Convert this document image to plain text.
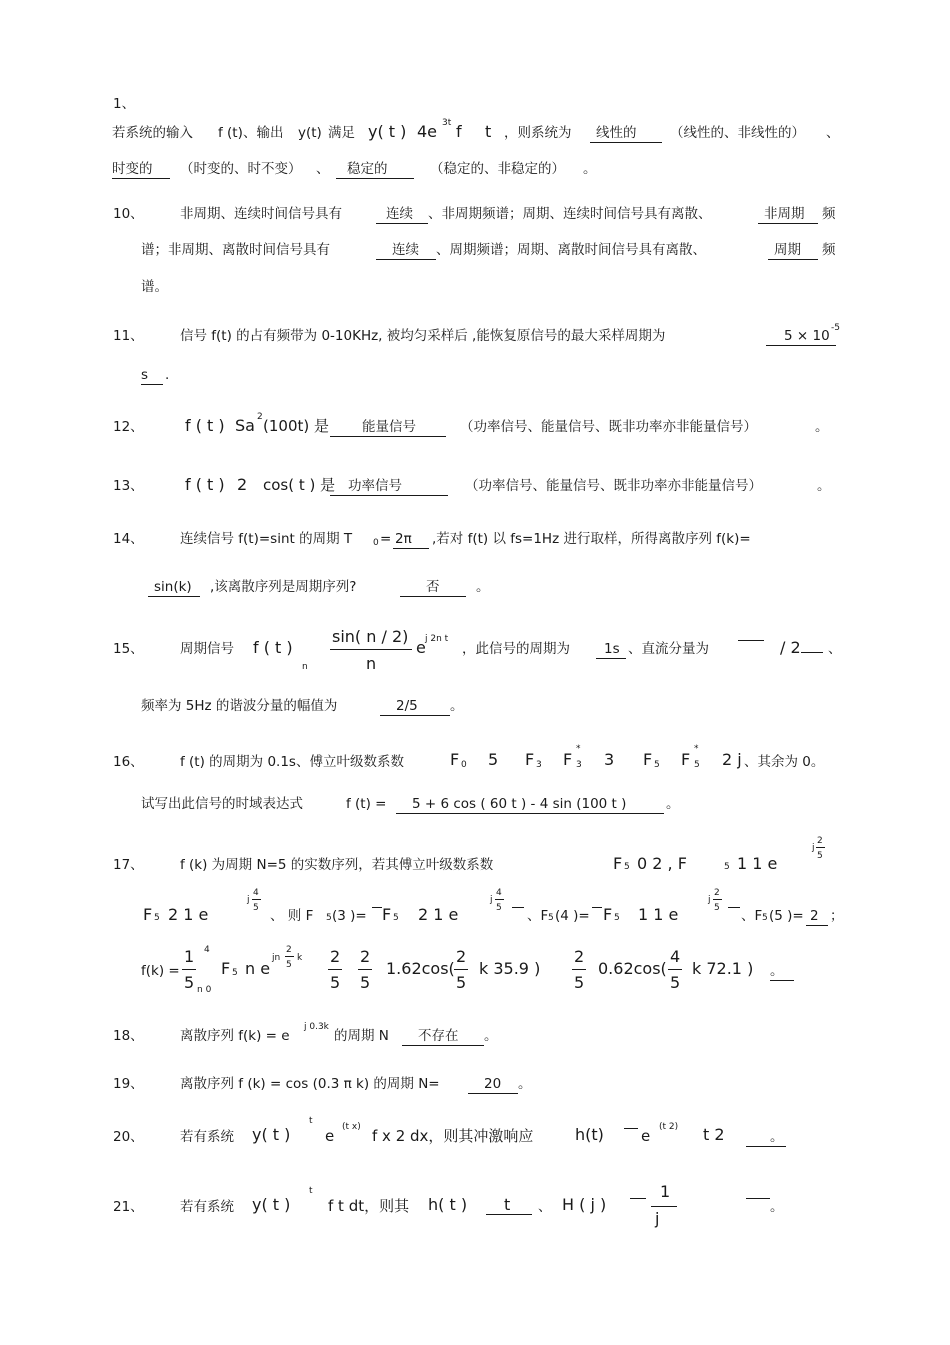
1、
若系统的输入 f (t) 、输出 y(t) 满足 y( t ) 4e 3t f t ，则系统为	线性的	（线性的、非线性的） 、
时变的	（时变的、时不变） 、	稳定的	（稳定的、非稳定的） 。
10、	非周期、连续时间信号具有	连续	、非周期频谱；周期、连续时间信号具有离散、	非周期	频
谱；非周期、离散时间信号具有	连续	、周期频谱；周期、离散时间信号具有离散、	周期	频
谱。
11、	信号 f(t) 的占有频带为 0-10KHz, 被均匀采样后 ,能恢复原信号的最大采样周期为	5 × 10 -5
s	.
12、	f ( t ) Sa 2 (100t) 是	能量信号	（功率信号、能量信号、既非功率亦非能量信号）	。
13、	f ( t ) 2 cos( t ) 是 功率信号	（功率信号、能量信号、既非功率亦非能量信号）	。
14、	连续信号 f(t)=sint 的周期 T 0 = 2π	,若对 f(t) 以 fs=1Hz 进行取样，所得离散序列 f(k)=
sin(k)	,该离散序列是周期序列?	否	。
15、	周期信号 f ( t )
n
sin( n / 2)
n
e j 2n t
，此信号的周期为	1s 、直流分量为	/ 2	、
频率为 5Hz 的谐波分量的幅值为	2/5	。
16、	f (t) 的周期为 0.1s、傅立叶级数系数	F 0 5 F 3 F
*
3 3 F 5 F
*
5 2 j 、其余为 0。
试写出此信号的时域表达式	f (t) =	5 + 6 cos ( 60 t ) - 4 sin (100 t )	。
17、	f (k) 为周期 N=5 的实数序列，若其傅立叶级数系数	F 5 0 2 , F	5 1 1 e
j
2
5
F 5 2 1 e
j
4
5 、 则 F 5 (3 )= F 5 2 1 e
j
4
5 、F 5 (4 )= F 5 1 1 e
j
2
5 、F 5 (5 )= 2 ；
f(k) =
1
5
4
n 0
F 5 n e
jn
2
5
k 2
5
2
5
1.62cos(
2
5
k 35.9 )
2
5
0.62cos(
4
5
k 72.1 ) 。
18、	离散序列 f(k) = e
j 0.3k
的周期 N	不存在	。
19、	离散序列 f (k) = cos (0.3 π k) 的周期 N=	20	。
20、	若有系统 y( t )
t
e (t x) f x 2 dx，则其冲激响应	h(t) e (t 2) t 2	。
21、	若有系统 y( t )
t
f t dt，则其 h( t )	t	、 H ( j )
1
j
。
